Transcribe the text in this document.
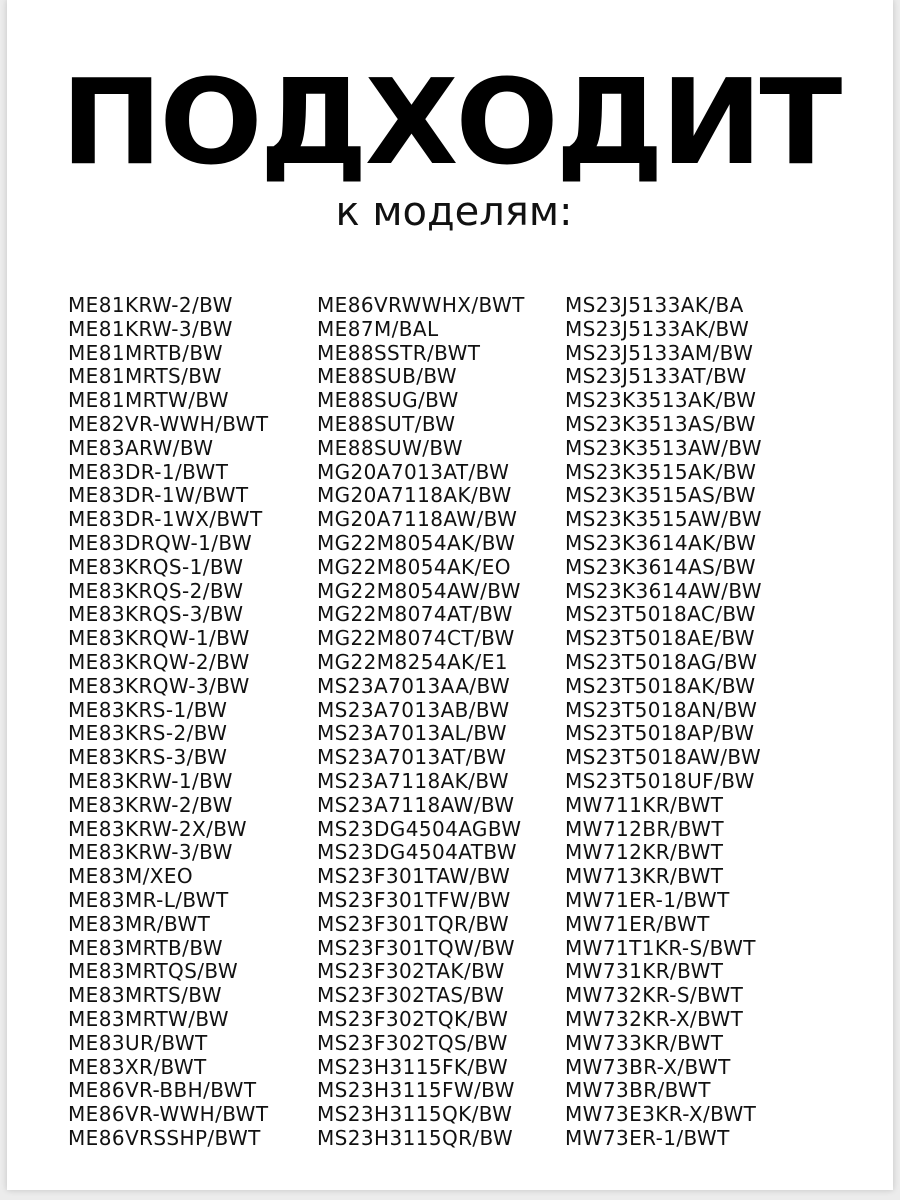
ПОДХОДИТ
к моделям:
ME81KRW-2/BW
ME81KRW-3/BW
ME81MRTB/BW
ME81MRTS/BW
ME81MRTW/BW
ME82VR-WWH/BWT
ME83ARW/BW
ME83DR-1/BWT
ME83DR-1W/BWT
ME83DR-1WX/BWT
ME83DRQW-1/BW
ME83KRQS-1/BW
ME83KRQS-2/BW
ME83KRQS-3/BW
ME83KRQW-1/BW
ME83KRQW-2/BW
ME83KRQW-3/BW
ME83KRS-1/BW
ME83KRS-2/BW
ME83KRS-3/BW
ME83KRW-1/BW
ME83KRW-2/BW
ME83KRW-2X/BW
ME83KRW-3/BW
ME83M/XEO
ME83MR-L/BWT
ME83MR/BWT
ME83MRTB/BW
ME83MRTQS/BW
ME83MRTS/BW
ME83MRTW/BW
ME83UR/BWT
ME83XR/BWT
ME86VR-BBH/BWT
ME86VR-WWH/BWT
ME86VRSSHP/BWT
ME86VRWWHX/BWT
ME87M/BAL
ME88SSTR/BWT
ME88SUB/BW
ME88SUG/BW
ME88SUT/BW
ME88SUW/BW
MG20A7013AT/BW
MG20A7118AK/BW
MG20A7118AW/BW
MG22M8054AK/BW
MG22M8054AK/EO
MG22M8054AW/BW
MG22M8074AT/BW
MG22M8074CT/BW
MG22M8254AK/E1
MS23A7013AA/BW
MS23A7013AB/BW
MS23A7013AL/BW
MS23A7013AT/BW
MS23A7118AK/BW
MS23A7118AW/BW
MS23DG4504AGBW
MS23DG4504ATBW
MS23F301TAW/BW
MS23F301TFW/BW
MS23F301TQR/BW
MS23F301TQW/BW
MS23F302TAK/BW
MS23F302TAS/BW
MS23F302TQK/BW
MS23F302TQS/BW
MS23H3115FK/BW
MS23H3115FW/BW
MS23H3115QK/BW
MS23H3115QR/BW
MS23J5133AK/BA
MS23J5133AK/BW
MS23J5133AM/BW
MS23J5133AT/BW
MS23K3513AK/BW
MS23K3513AS/BW
MS23K3513AW/BW
MS23K3515AK/BW
MS23K3515AS/BW
MS23K3515AW/BW
MS23K3614AK/BW
MS23K3614AS/BW
MS23K3614AW/BW
MS23T5018AC/BW
MS23T5018AE/BW
MS23T5018AG/BW
MS23T5018AK/BW
MS23T5018AN/BW
MS23T5018AP/BW
MS23T5018AW/BW
MS23T5018UF/BW
MW711KR/BWT
MW712BR/BWT
MW712KR/BWT
MW713KR/BWT
MW71ER-1/BWT
MW71ER/BWT
MW71T1KR-S/BWT
MW731KR/BWT
MW732KR-S/BWT
MW732KR-X/BWT
MW733KR/BWT
MW73BR-X/BWT
MW73BR/BWT
MW73E3KR-X/BWT
MW73ER-1/BWT
